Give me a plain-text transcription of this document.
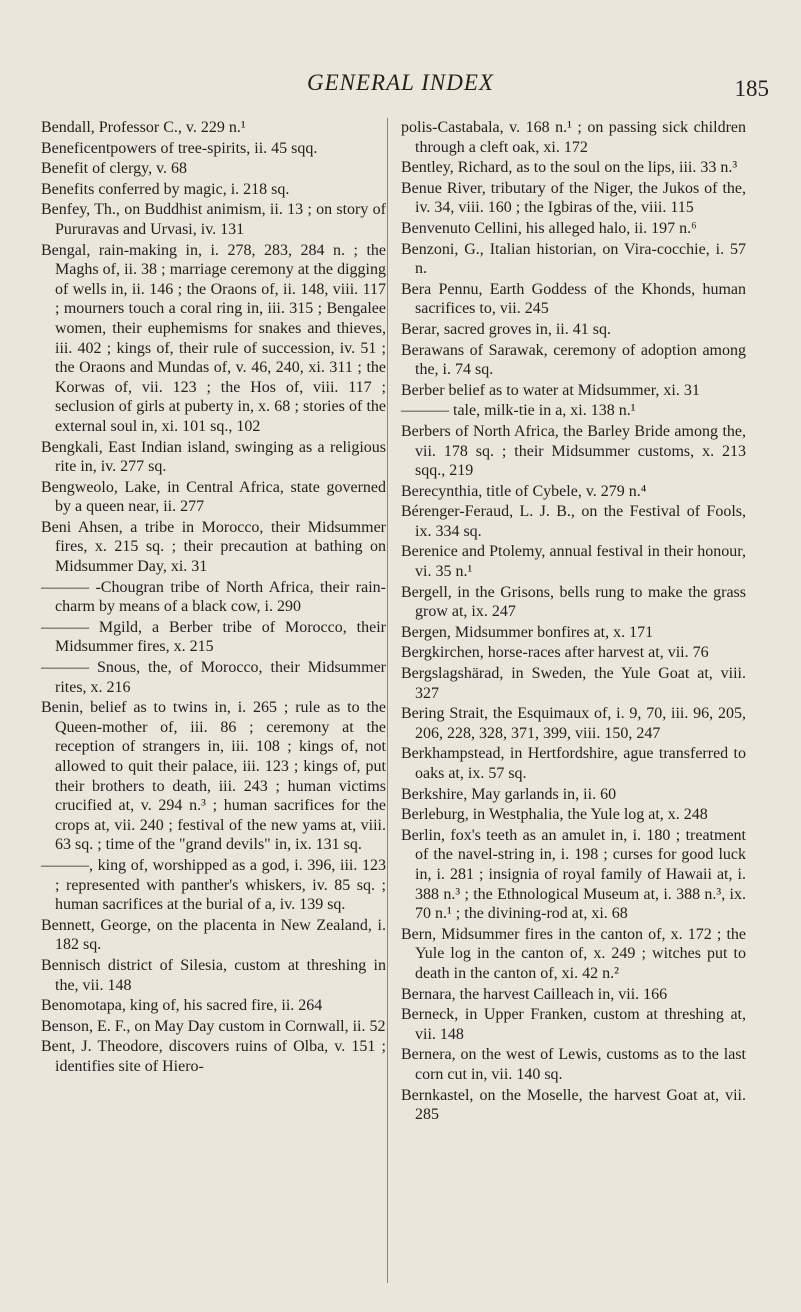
GENERAL INDEX	185

Bendall, Professor C., v. 229 n.¹

Beneficentpowers of tree-spirits, ii. 45 sqq.

Benefit of clergy, v. 68

Benefits conferred by magic, i. 218 sq.

Benfey, Th., on Buddhist animism, ii. 13 ; on story of Pururavas and Urvasi, iv. 131

Bengal, rain-making in, i. 278, 283, 284 n. ; the Maghs of, ii. 38 ; marriage ceremony at the digging of wells in, ii. 146 ; the Oraons of, ii. 148, viii. 117 ; mourners touch a coral ring in, iii. 315 ; Bengalee women, their euphemisms for snakes and thieves, iii. 402 ; kings of, their rule of succession, iv. 51 ; the Oraons and Mundas of, v. 46, 240, xi. 311 ; the Korwas of, vii. 123 ; the Hos of, viii. 117 ; seclusion of girls at puberty in, x. 68 ; stories of the external soul in, xi. 101 sq., 102

Bengkali, East Indian island, swinging as a religious rite in, iv. 277 sq.

Bengweolo, Lake, in Central Africa, state governed by a queen near, ii. 277

Beni Ahsen, a tribe in Morocco, their Midsummer fires, x. 215 sq. ; their precaution at bathing on Midsummer Day, xi. 31

——— -Chougran tribe of North Africa, their rain-charm by means of a black cow, i. 290

——— Mgild, a Berber tribe of Morocco, their Midsummer fires, x. 215

——— Snous, the, of Morocco, their Midsummer rites, x. 216

Benin, belief as to twins in, i. 265 ; rule as to the Queen-mother of, iii. 86 ; ceremony at the reception of strangers in, iii. 108 ; kings of, not allowed to quit their palace, iii. 123 ; kings of, put their brothers to death, iii. 243 ; human victims crucified at, v. 294 n.³ ; human sacrifices for the crops at, vii. 240 ; festival of the new yams at, viii. 63 sq. ; time of the "grand devils" in, ix. 131 sq.

———, king of, worshipped as a god, i. 396, iii. 123 ; represented with panther's whiskers, iv. 85 sq. ; human sacrifices at the burial of a, iv. 139 sq.

Bennett, George, on the placenta in New Zealand, i. 182 sq.

Bennisch district of Silesia, custom at threshing in the, vii. 148

Benomotapa, king of, his sacred fire, ii. 264

Benson, E. F., on May Day custom in Cornwall, ii. 52

Bent, J. Theodore, discovers ruins of Olba, v. 151 ; identifies site of Hiero-

polis-Castabala, v. 168 n.¹ ; on passing sick children through a cleft oak, xi. 172

Bentley, Richard, as to the soul on the lips, iii. 33 n.³

Benue River, tributary of the Niger, the Jukos of the, iv. 34, viii. 160 ; the Igbiras of the, viii. 115

Benvenuto Cellini, his alleged halo, ii. 197 n.⁶

Benzoni, G., Italian historian, on Vira-cocchie, i. 57 n.

Bera Pennu, Earth Goddess of the Khonds, human sacrifices to, vii. 245

Berar, sacred groves in, ii. 41 sq.

Berawans of Sarawak, ceremony of adoption among the, i. 74 sq.

Berber belief as to water at Midsummer, xi. 31

——— tale, milk-tie in a, xi. 138 n.¹

Berbers of North Africa, the Barley Bride among the, vii. 178 sq. ; their Midsummer customs, x. 213 sqq., 219

Berecynthia, title of Cybele, v. 279 n.⁴

Bérenger-Feraud, L. J. B., on the Festival of Fools, ix. 334 sq.

Berenice and Ptolemy, annual festival in their honour, vi. 35 n.¹

Bergell, in the Grisons, bells rung to make the grass grow at, ix. 247

Bergen, Midsummer bonfires at, x. 171

Bergkirchen, horse-races after harvest at, vii. 76

Bergslagshärad, in Sweden, the Yule Goat at, viii. 327

Bering Strait, the Esquimaux of, i. 9, 70, iii. 96, 205, 206, 228, 328, 371, 399, viii. 150, 247

Berkhampstead, in Hertfordshire, ague transferred to oaks at, ix. 57 sq.

Berkshire, May garlands in, ii. 60

Berleburg, in Westphalia, the Yule log at, x. 248

Berlin, fox's teeth as an amulet in, i. 180 ; treatment of the navel-string in, i. 198 ; curses for good luck in, i. 281 ; insignia of royal family of Hawaii at, i. 388 n.³ ; the Ethnological Museum at, i. 388 n.³, ix. 70 n.¹ ; the divining-rod at, xi. 68

Bern, Midsummer fires in the canton of, x. 172 ; the Yule log in the canton of, x. 249 ; witches put to death in the canton of, xi. 42 n.²

Bernara, the harvest Cailleach in, vii. 166

Berneck, in Upper Franken, custom at threshing at, vii. 148

Bernera, on the west of Lewis, customs as to the last corn cut in, vii. 140 sq.

Bernkastel, on the Moselle, the harvest Goat at, vii. 285
